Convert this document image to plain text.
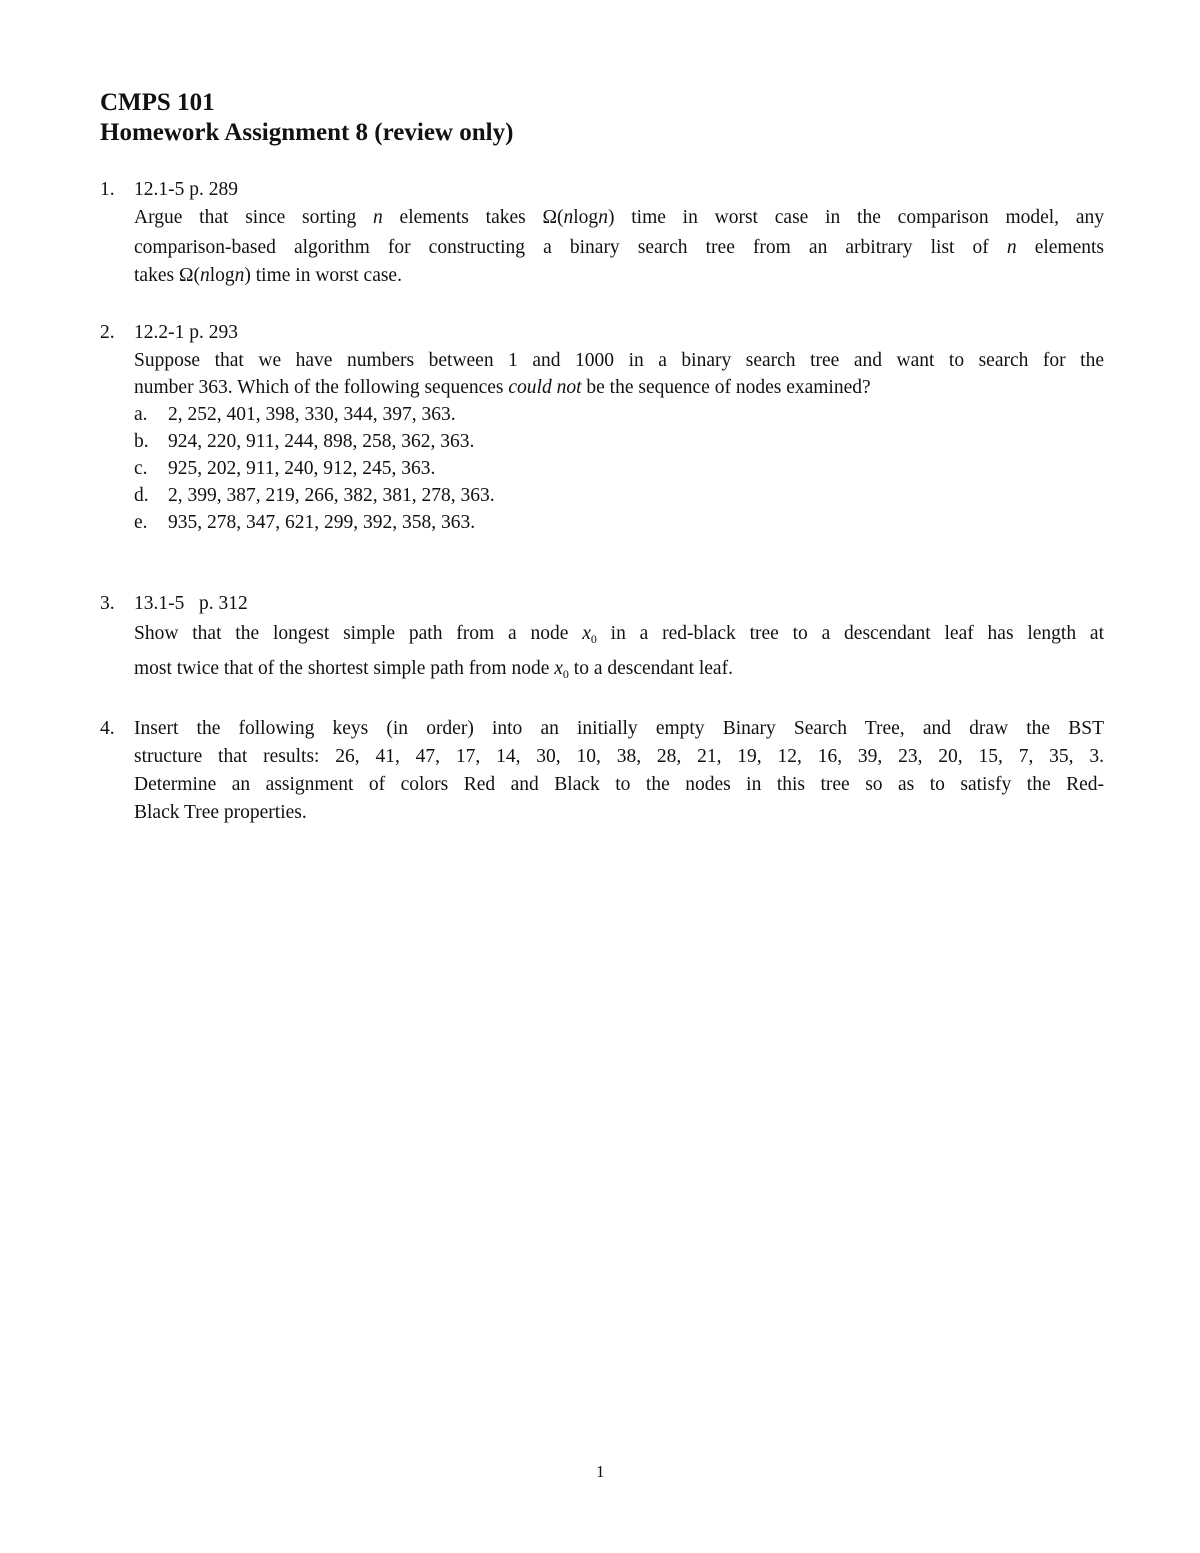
CMPS 101
Homework Assignment 8 (review only)
1. 12.1-5 p. 289
Argue that since sorting n elements takes Ω(nlogn) time in worst case in the comparison model, any
comparison-based algorithm for constructing a binary search tree from an arbitrary list of n elements
takes Ω(nlogn) time in worst case.
2. 12.2-1 p. 293
Suppose that we have numbers between 1 and 1000 in a binary search tree and want to search for the
number 363. Which of the following sequences could not be the sequence of nodes examined?
a. 2, 252, 401, 398, 330, 344, 397, 363.
b. 924, 220, 911, 244, 898, 258, 362, 363.
c. 925, 202, 911, 240, 912, 245, 363.
d. 2, 399, 387, 219, 266, 382, 381, 278, 363.
e. 935, 278, 347, 621, 299, 392, 358, 363.
3. 13.1-5   p. 312
Show that the longest simple path from a node $x_0$ in a red-black tree to a descendant leaf has length at
most twice that of the shortest simple path from node $x_0$ to a descendant leaf.
4. Insert the following keys (in order) into an initially empty Binary Search Tree, and draw the BST
structure that results: 26, 41, 47, 17, 14, 30, 10, 38, 28, 21, 19, 12, 16, 39, 23, 20, 15, 7, 35, 3.
Determine an assignment of colors Red and Black to the nodes in this tree so as to satisfy the Red-
Black Tree properties.
1
